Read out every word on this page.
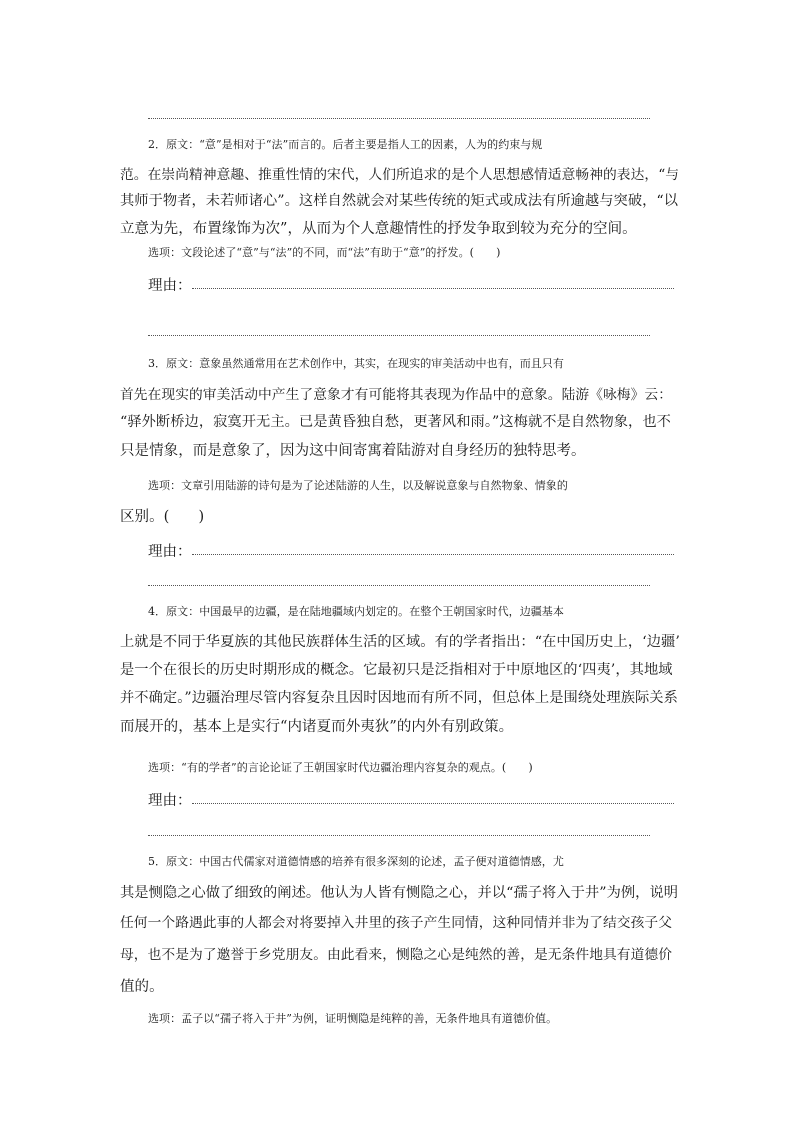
2．原文：“意”是相对于“法”而言的。后者主要是指人工的因素，人为的约束与规
范。在崇尚精神意趣、推重性情的宋代，人们所追求的是个人思想感情适意畅神的表达，“与
其师于物者，未若师诸心”。这样自然就会对某些传统的矩式或成法有所逾越与突破，“以
立意为先，布置缘饰为次”，从而为个人意趣情性的抒发争取到较为充分的空间。
选项：文段论述了“意”与“法”的不同，而“法”有助于“意”的抒发。(　　)
理由：
3．原文：意象虽然通常用在艺术创作中，其实，在现实的审美活动中也有，而且只有
首先在现实的审美活动中产生了意象才有可能将其表现为作品中的意象。陆游《咏梅》云：
“驿外断桥边，寂寞开无主。已是黄昏独自愁，更著风和雨。”这梅就不是自然物象，也不
只是情象，而是意象了，因为这中间寄寓着陆游对自身经历的独特思考。
选项：文章引用陆游的诗句是为了论述陆游的人生，以及解说意象与自然物象、情象的
区别。(　　)
理由：
4．原文：中国最早的边疆，是在陆地疆域内划定的。在整个王朝国家时代，边疆基本
上就是不同于华夏族的其他民族群体生活的区域。有的学者指出：“在中国历史上，‘边疆’
是一个在很长的历史时期形成的概念。它最初只是泛指相对于中原地区的‘四夷’，其地域
并不确定。”边疆治理尽管内容复杂且因时因地而有所不同，但总体上是围绕处理族际关系
而展开的，基本上是实行“内诸夏而外夷狄”的内外有别政策。
选项：“有的学者”的言论论证了王朝国家时代边疆治理内容复杂的观点。(　　)
理由：
5．原文：中国古代儒家对道德情感的培养有很多深刻的论述，孟子便对道德情感，尤
其是恻隐之心做了细致的阐述。他认为人皆有恻隐之心，并以“孺子将入于井”为例，说明
任何一个路遇此事的人都会对将要掉入井里的孩子产生同情，这种同情并非为了结交孩子父
母，也不是为了邀誉于乡党朋友。由此看来，恻隐之心是纯然的善，是无条件地具有道德价
值的。
选项：孟子以“孺子将入于井”为例，证明恻隐是纯粹的善，无条件地具有道德价值。
